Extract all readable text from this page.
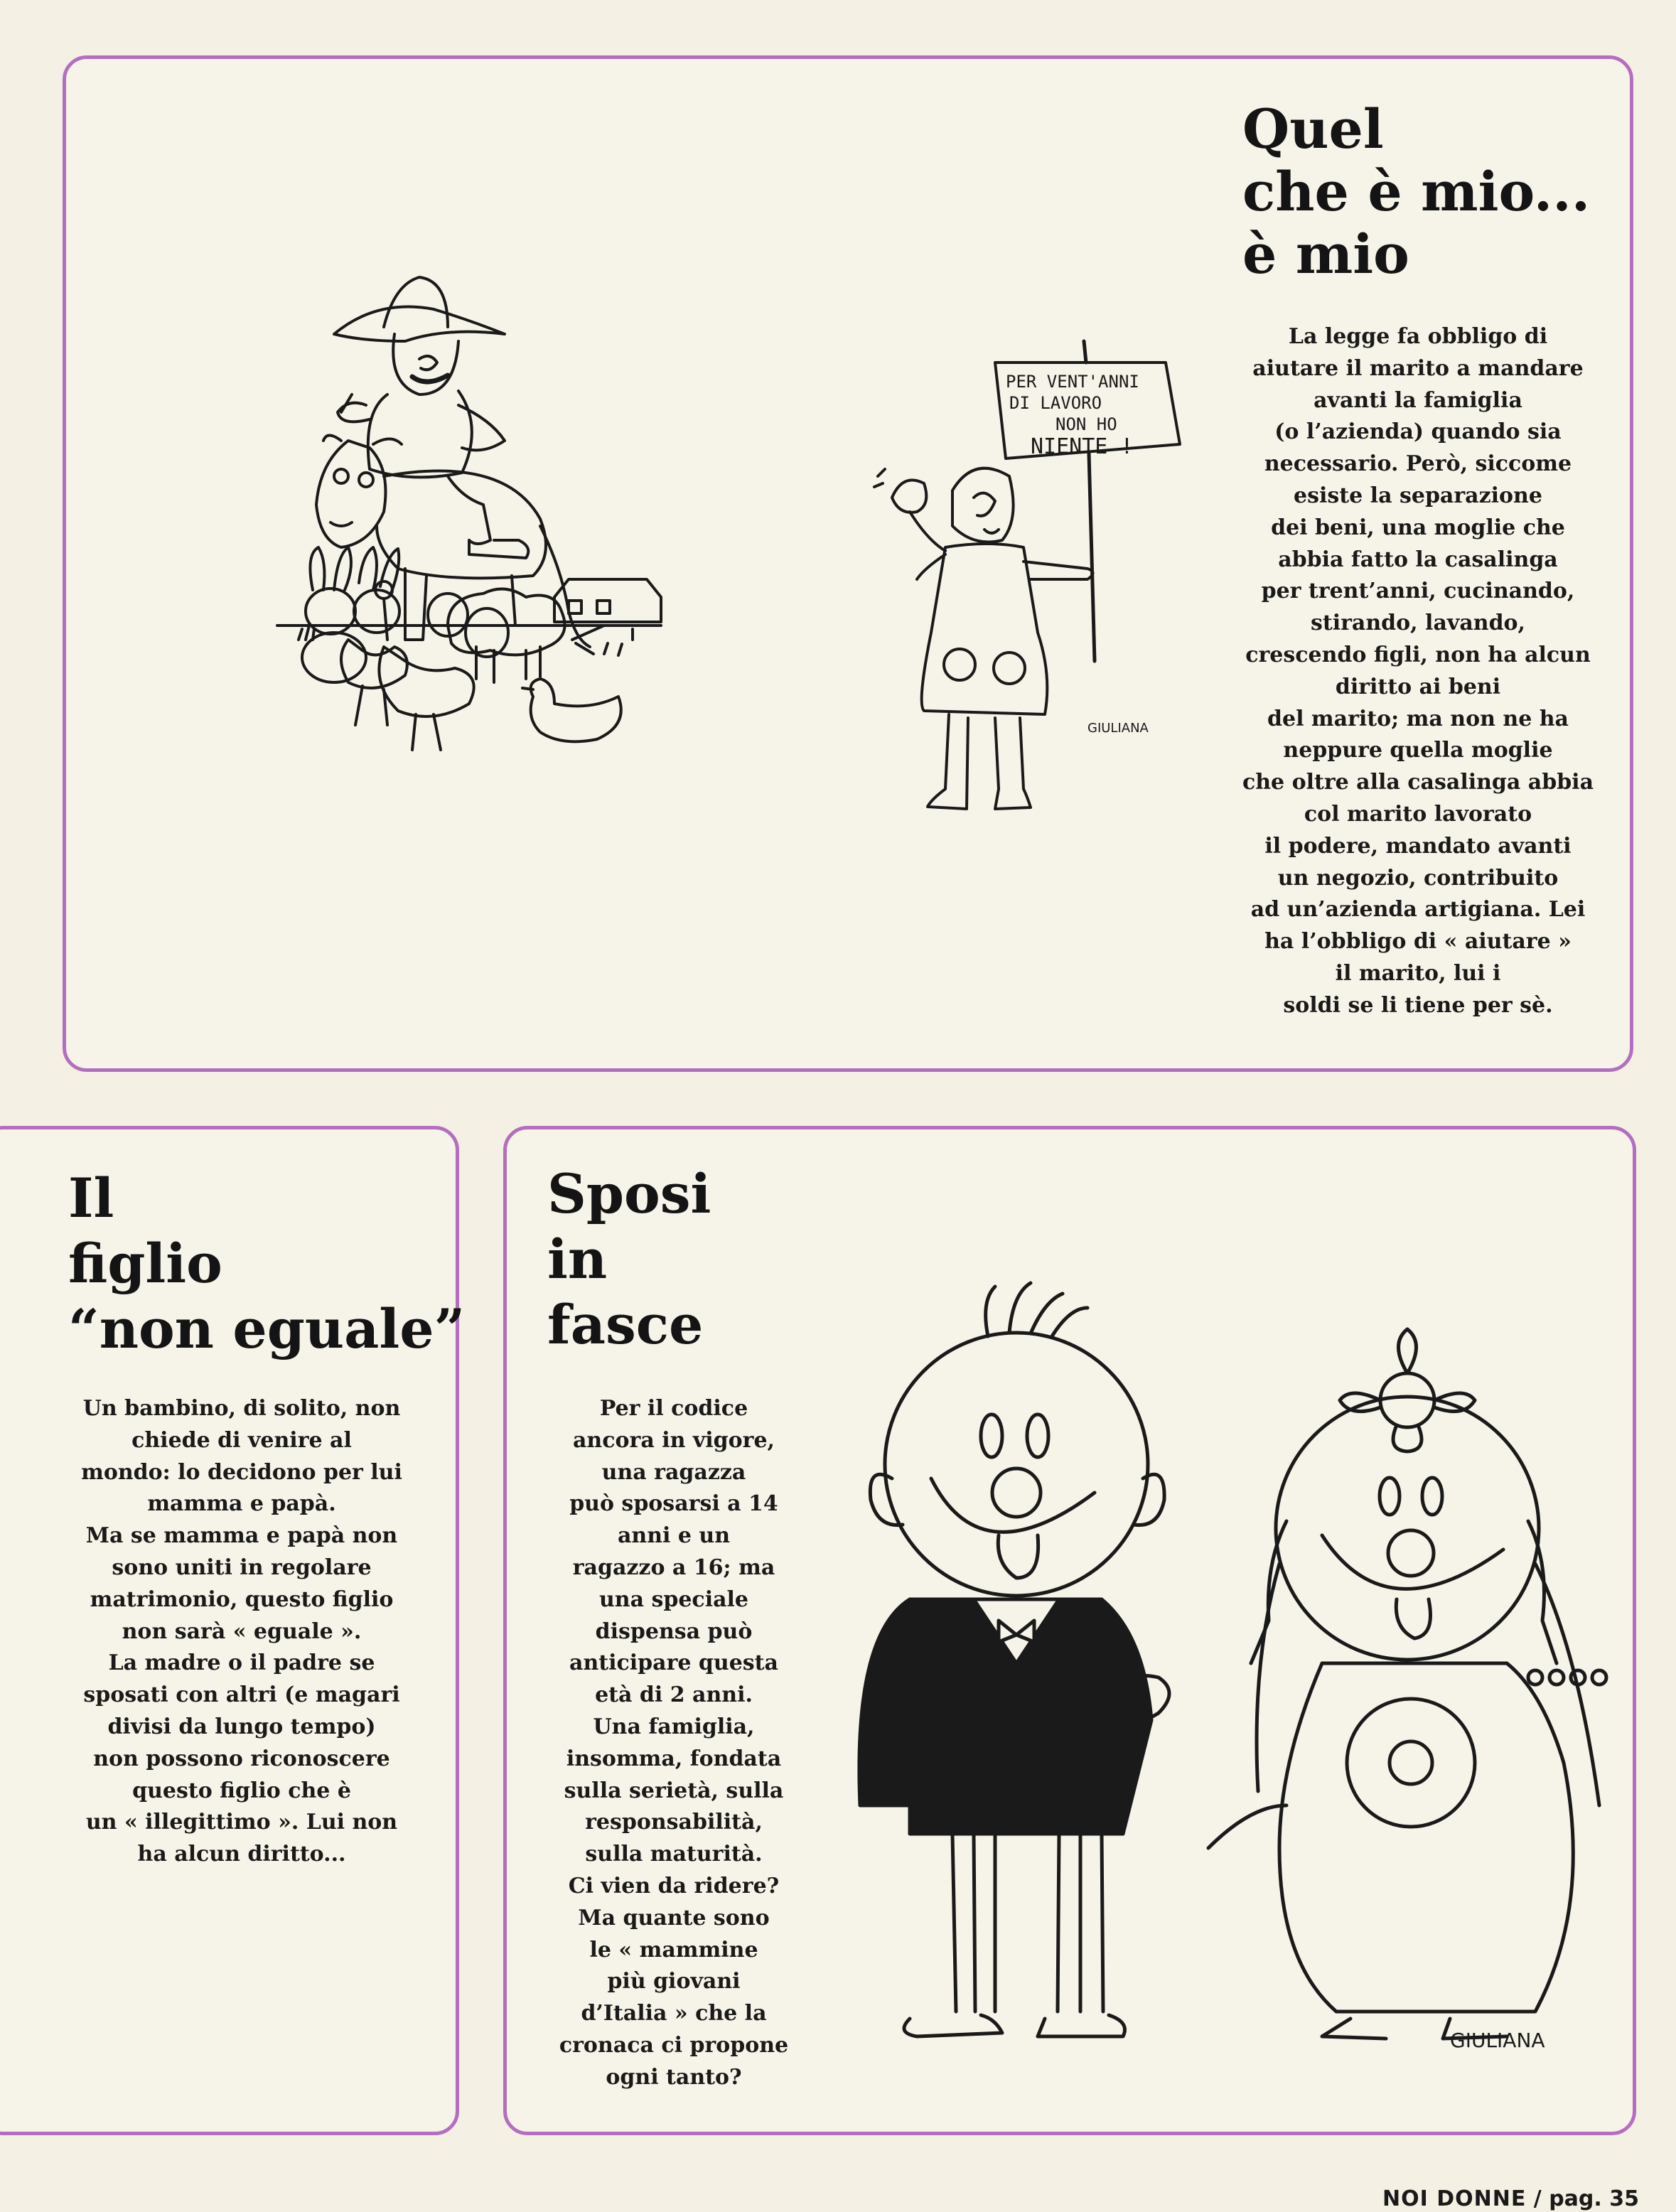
PER VENT'ANNI
DI LAVORO
NON HO
NIENTE !
GIULIANA
Quel
che è mio...
è mio
La legge fa obbligo di
aiutare il marito a mandare
avanti la famiglia
(o l’azienda) quando sia
necessario. Però, siccome
esiste la separazione
dei beni, una moglie che
abbia fatto la casalinga
per trent’anni, cucinando,
stirando, lavando,
crescendo figli, non ha alcun
diritto ai beni
del marito; ma non ne ha
neppure quella moglie
che oltre alla casalinga abbia
col marito lavorato
il podere, mandato avanti
un negozio, contribuito
ad un’azienda artigiana. Lei
ha l’obbligo di « aiutare »
il marito, lui i
soldi se li tiene per sè.
Il
figlio
“non eguale”
Un bambino, di solito, non
chiede di venire al
mondo: lo decidono per lui
mamma e papà.
Ma se mamma e papà non
sono uniti in regolare
matrimonio, questo figlio
non sarà « eguale ».
La madre o il padre se
sposati con altri (e magari
divisi da lungo tempo)
non possono riconoscere
questo figlio che è
un « illegittimo ». Lui non
ha alcun diritto...
Sposi
in
fasce
Per il codice
ancora in vigore,
una ragazza
può sposarsi a 14
anni e un
ragazzo a 16; ma
una speciale
dispensa può
anticipare questa
età di 2 anni.
Una famiglia,
insomma, fondata
sulla serietà, sulla
responsabilità,
sulla maturità.
Ci vien da ridere?
Ma quante sono
le « mammine
più giovani
d’Italia » che la
cronaca ci propone
ogni tanto?
GIULIANA
NOI DONNE / pag. 35
